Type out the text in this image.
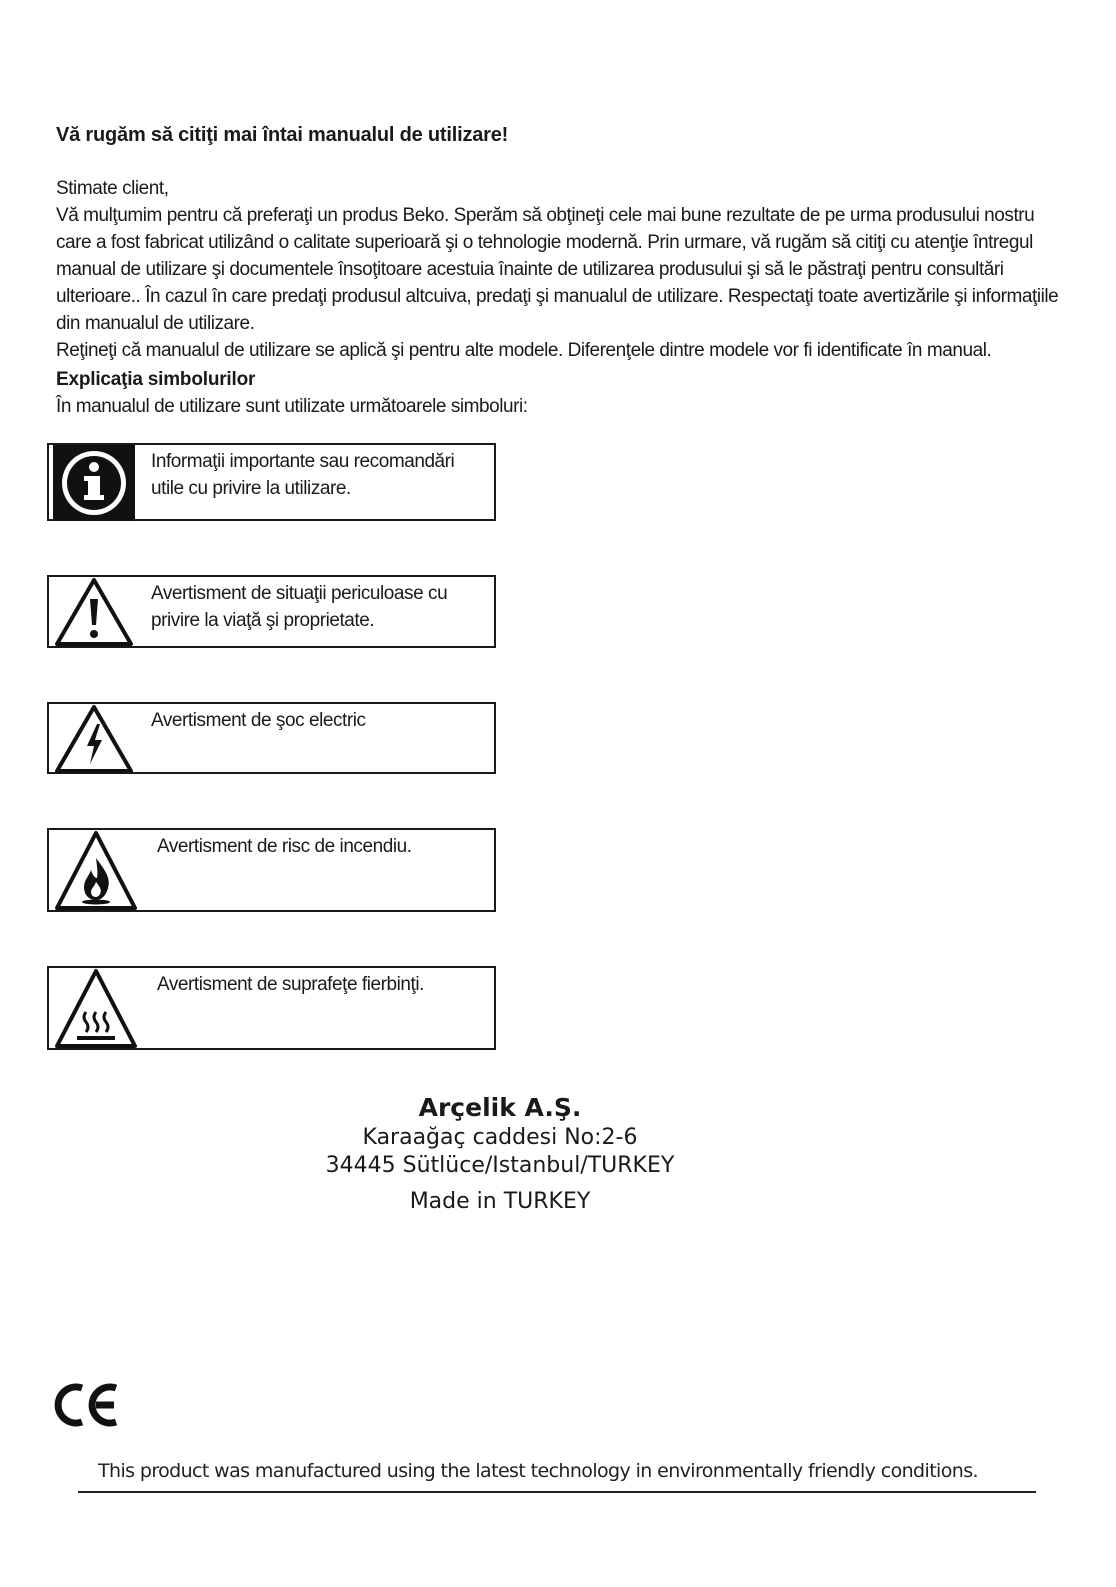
Vă rugăm să citiţi mai întai manualul de utilizare!

Stimate client,

Vă mulţumim pentru că preferaţi un produs Beko. Sperăm să obţineţi cele mai bune rezultate de pe urma produsului nostru care a fost fabricat utilizând o calitate superioară şi o tehnologie modernă. Prin urmare, vă rugăm să citiţi cu atenţie întregul manual de utilizare şi documentele însoţitoare acestuia înainte de utilizarea produsului şi să le păstraţi pentru consultări ulterioare.. În cazul în care predaţi produsul altcuiva, predaţi şi manualul de utilizare. Respectaţi toate avertizările şi informaţiile din manualul de utilizare.

Reţineţi că manualul de utilizare se aplică şi pentru alte modele. Diferenţele dintre modele vor fi identificate în manual.

Explicaţia simbolurilor
În manualul de utilizare sunt utilizate următoarele simboluri:
Informaţii importante sau recomandări utile cu privire la utilizare.
Avertisment de situaţii periculoase cu privire la viaţă şi proprietate.
Avertisment de şoc electric
Avertisment de risc de incendiu.
Avertisment de suprafeţe fierbinţi.
Arçelik A.Ş.
Karaağaç caddesi No:2-6
34445 Sütlüce/Istanbul/TURKEY
Made in TURKEY
This product was manufactured using the latest technology in environmentally friendly conditions.
